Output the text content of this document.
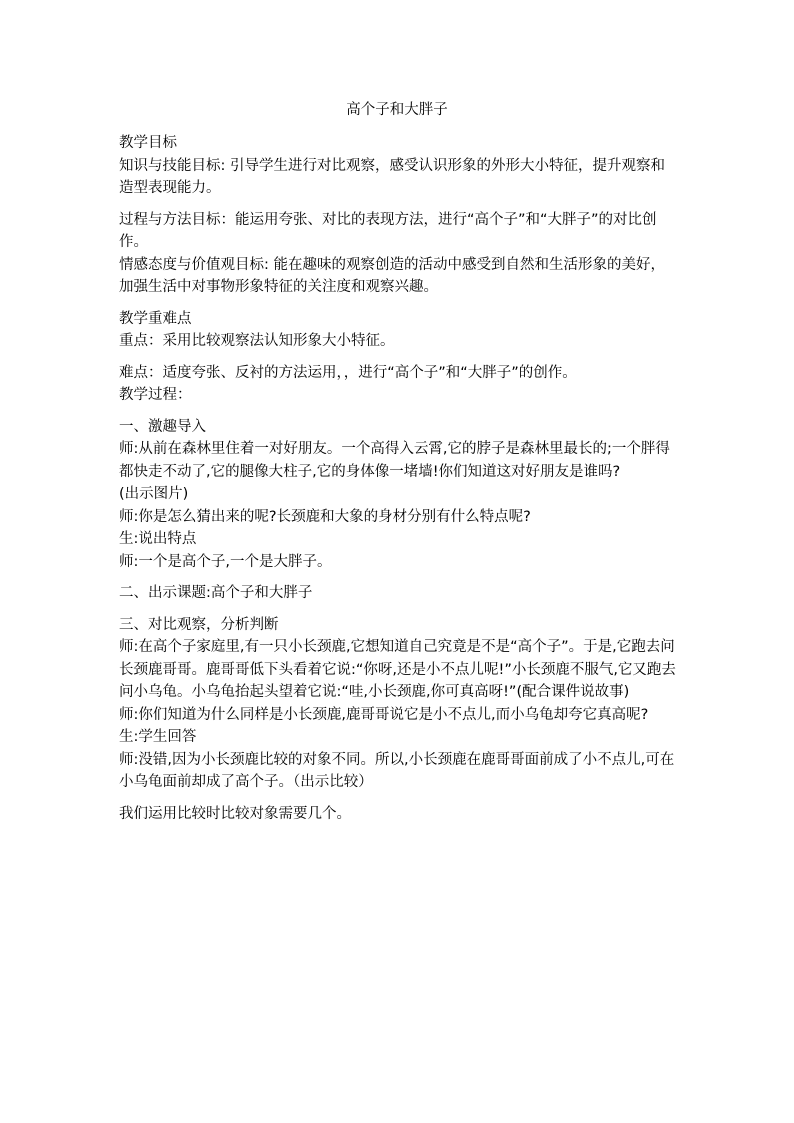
高个子和大胖子

教学目标

知识与技能目标: 引导学生进行对比观察，感受认识形象的外形大小特征，提升观察和造型表现能力。

过程与方法目标：能运用夸张、对比的表现方法，进行“高个子”和“大胖子”的对比创作。

情感态度与价值观目标: 能在趣味的观察创造的活动中感受到自然和生活形象的美好，加强生活中对事物形象特征的关注度和观察兴趣。

教学重难点

重点：采用比较观察法认知形象大小特征。

难点：适度夸张、反衬的方法运用，，进行“高个子”和“大胖子”的创作。

教学过程：

一、激趣导入

师:从前在森林里住着一对好朋友。一个高得入云霄,它的脖子是森林里最长的;一个胖得都快走不动了,它的腿像大柱子,它的身体像一堵墙!你们知道这对好朋友是谁吗?

(出示图片)

师:你是怎么猜出来的呢?长颈鹿和大象的身材分别有什么特点呢?

生:说出特点

师:一个是高个子,一个是大胖子。

二、出示课题:高个子和大胖子

三、对比观察，分析判断

师:在高个子家庭里,有一只小长颈鹿,它想知道自己究竟是不是“高个子”。于是,它跑去问长颈鹿哥哥。鹿哥哥低下头看着它说:“你呀,还是小不点儿呢!”小长颈鹿不服气,它又跑去问小乌龟。小乌龟抬起头望着它说:“哇,小长颈鹿,你可真高呀!”(配合课件说故事)

师:你们知道为什么同样是小长颈鹿,鹿哥哥说它是小不点儿,而小乌龟却夸它真高呢?

生:学生回答

师:没错,因为小长颈鹿比较的对象不同。所以,小长颈鹿在鹿哥哥面前成了小不点儿,可在小乌龟面前却成了高个子。（出示比较）

我们运用比较时比较对象需要几个。
